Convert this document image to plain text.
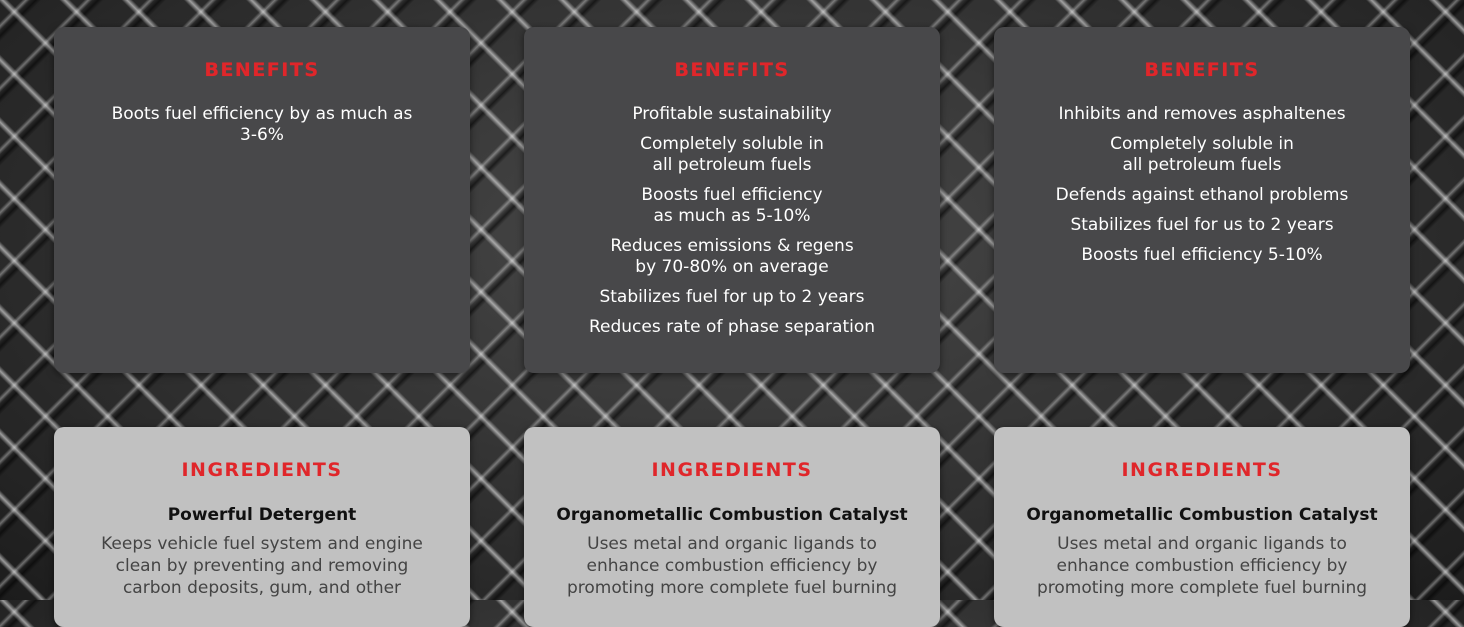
BENEFITS
Boots fuel efficiency by as much as
3-6%
BENEFITS
Profitable sustainability
Completely soluble in
all petroleum fuels
Boosts fuel efficiency
as much as 5-10%
Reduces emissions & regens
by 70-80% on average
Stabilizes fuel for up to 2 years
Reduces rate of phase separation
BENEFITS
Inhibits and removes asphaltenes
Completely soluble in
all petroleum fuels
Defends against ethanol problems
Stabilizes fuel for us to 2 years
Boosts fuel efficiency 5-10%
INGREDIENTS
Powerful Detergent

Keeps vehicle fuel system and engine
clean by preventing and removing
carbon deposits, gum, and other

INGREDIENTS
Organometallic Combustion Catalyst

Uses metal and organic ligands to
enhance combustion efficiency by
promoting more complete fuel burning

INGREDIENTS
Organometallic Combustion Catalyst

Uses metal and organic ligands to
enhance combustion efficiency by
promoting more complete fuel burning
